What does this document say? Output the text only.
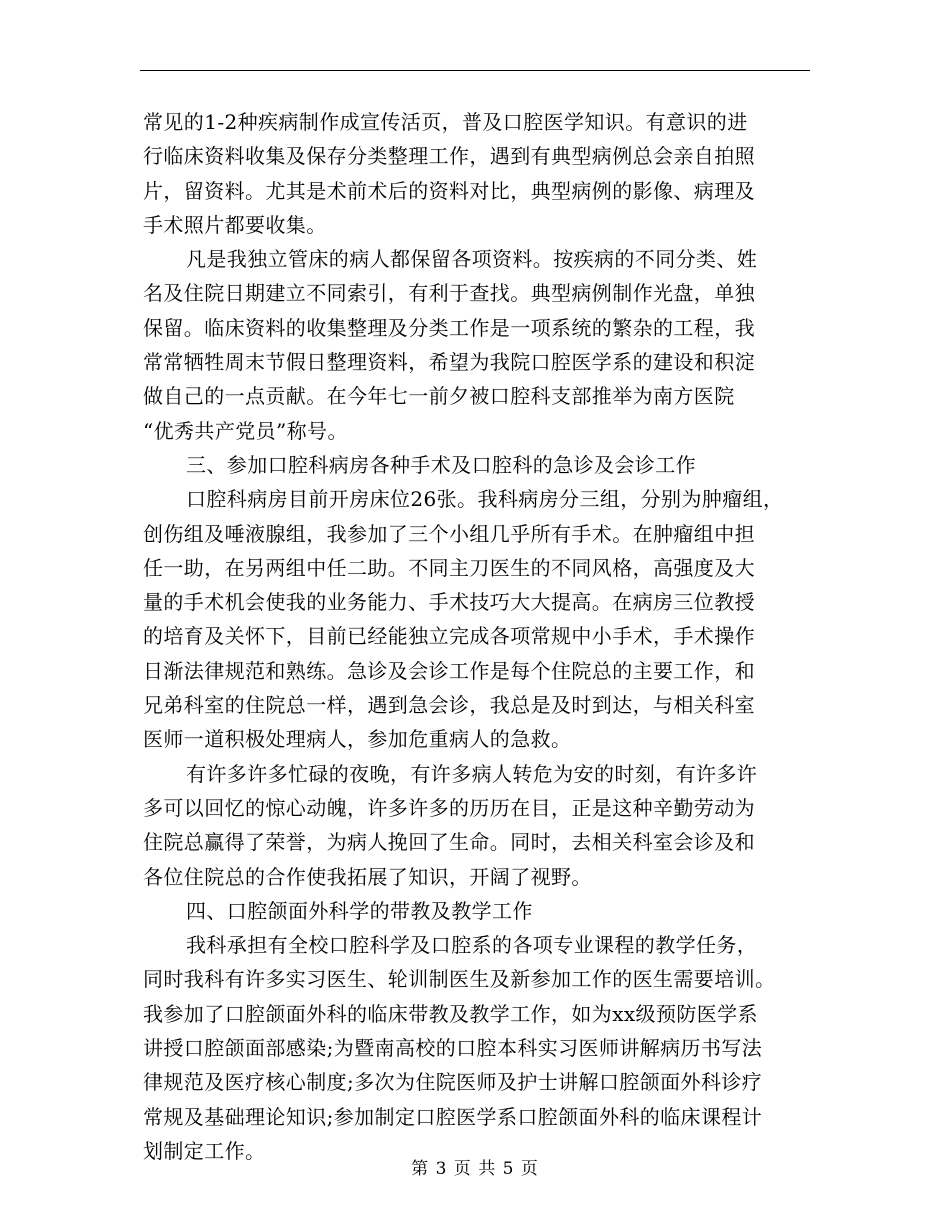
常见的1-2种疾病制作成宣传活页，普及口腔医学知识。有意识的进
行临床资料收集及保存分类整理工作，遇到有典型病例总会亲自拍照
片，留资料。尤其是术前术后的资料对比，典型病例的影像、病理及
手术照片都要收集。
凡是我独立管床的病人都保留各项资料。按疾病的不同分类、姓
名及住院日期建立不同索引，有利于查找。典型病例制作光盘，单独
保留。临床资料的收集整理及分类工作是一项系统的繁杂的工程，我
常常牺牲周末节假日整理资料，希望为我院口腔医学系的建设和积淀
做自己的一点贡献。在今年七一前夕被口腔科支部推举为南方医院
“优秀共产党员”称号。
三、参加口腔科病房各种手术及口腔科的急诊及会诊工作
口腔科病房目前开房床位26张。我科病房分三组，分别为肿瘤组，
创伤组及唾液腺组，我参加了三个小组几乎所有手术。在肿瘤组中担
任一助，在另两组中任二助。不同主刀医生的不同风格，高强度及大
量的手术机会使我的业务能力、手术技巧大大提高。在病房三位教授
的培育及关怀下，目前已经能独立完成各项常规中小手术，手术操作
日渐法律规范和熟练。急诊及会诊工作是每个住院总的主要工作，和
兄弟科室的住院总一样，遇到急会诊，我总是及时到达，与相关科室
医师一道积极处理病人，参加危重病人的急救。
有许多许多忙碌的夜晚，有许多病人转危为安的时刻，有许多许
多可以回忆的惊心动魄，许多许多的历历在目，正是这种辛勤劳动为
住院总赢得了荣誉，为病人挽回了生命。同时，去相关科室会诊及和
各位住院总的合作使我拓展了知识，开阔了视野。
四、口腔颌面外科学的带教及教学工作
我科承担有全校口腔科学及口腔系的各项专业课程的教学任务，
同时我科有许多实习医生、轮训制医生及新参加工作的医生需要培训。
我参加了口腔颌面外科的临床带教及教学工作，如为xx级预防医学系
讲授口腔颌面部感染;为暨南高校的口腔本科实习医师讲解病历书写法
律规范及医疗核心制度;多次为住院医师及护士讲解口腔颌面外科诊疗
常规及基础理论知识;参加制定口腔医学系口腔颌面外科的临床课程计
划制定工作。
第 3 页 共 5 页
